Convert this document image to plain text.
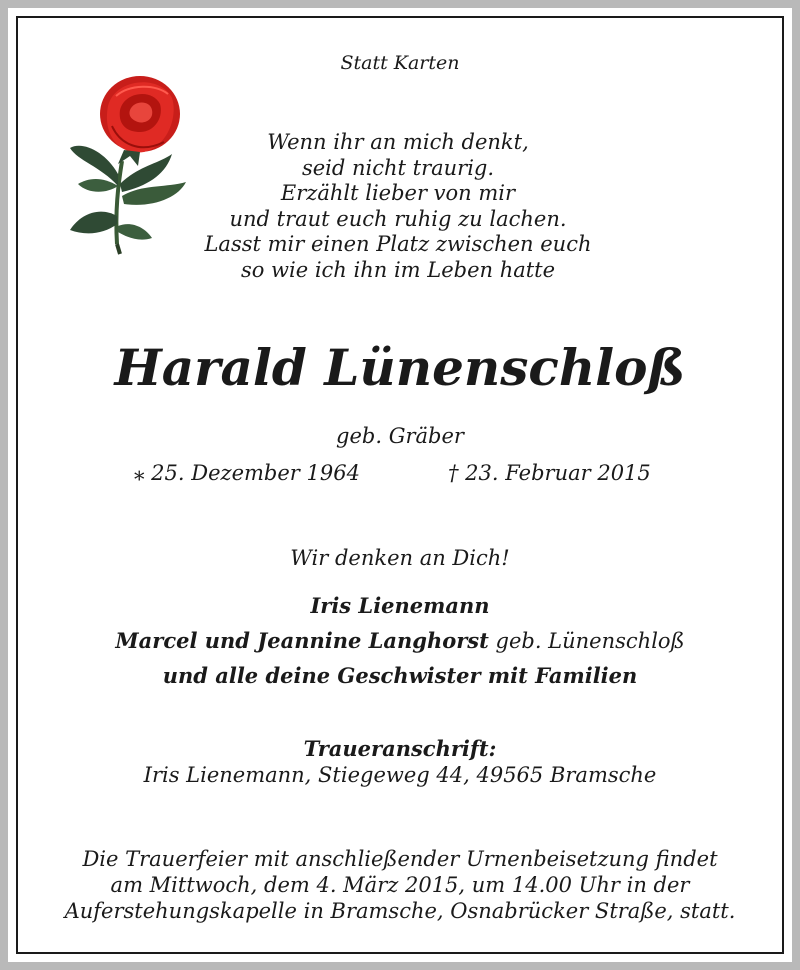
Statt Karten
Wenn ihr an mich denkt,
seid nicht traurig.
Erzählt lieber von mir
und traut euch ruhig zu lachen.
Lasst mir einen Platz zwischen euch
so wie ich ihn im Leben hatte
Harald Lünenschloß
geb. Gräber
⁎ 25. Dezember 1964	† 23. Februar 2015
Wir denken an Dich!
Iris Lienemann
Marcel und Jeannine Langhorst geb. Lünenschloß
und alle deine Geschwister mit Familien
Traueranschrift:
Iris Lienemann, Stiegeweg 44, 49565 Bramsche
Die Trauerfeier mit anschließender Urnenbeisetzung findet
am Mittwoch, dem 4. März 2015, um 14.00 Uhr in der
Auferstehungskapelle in Bramsche, Osnabrücker Straße, statt.
